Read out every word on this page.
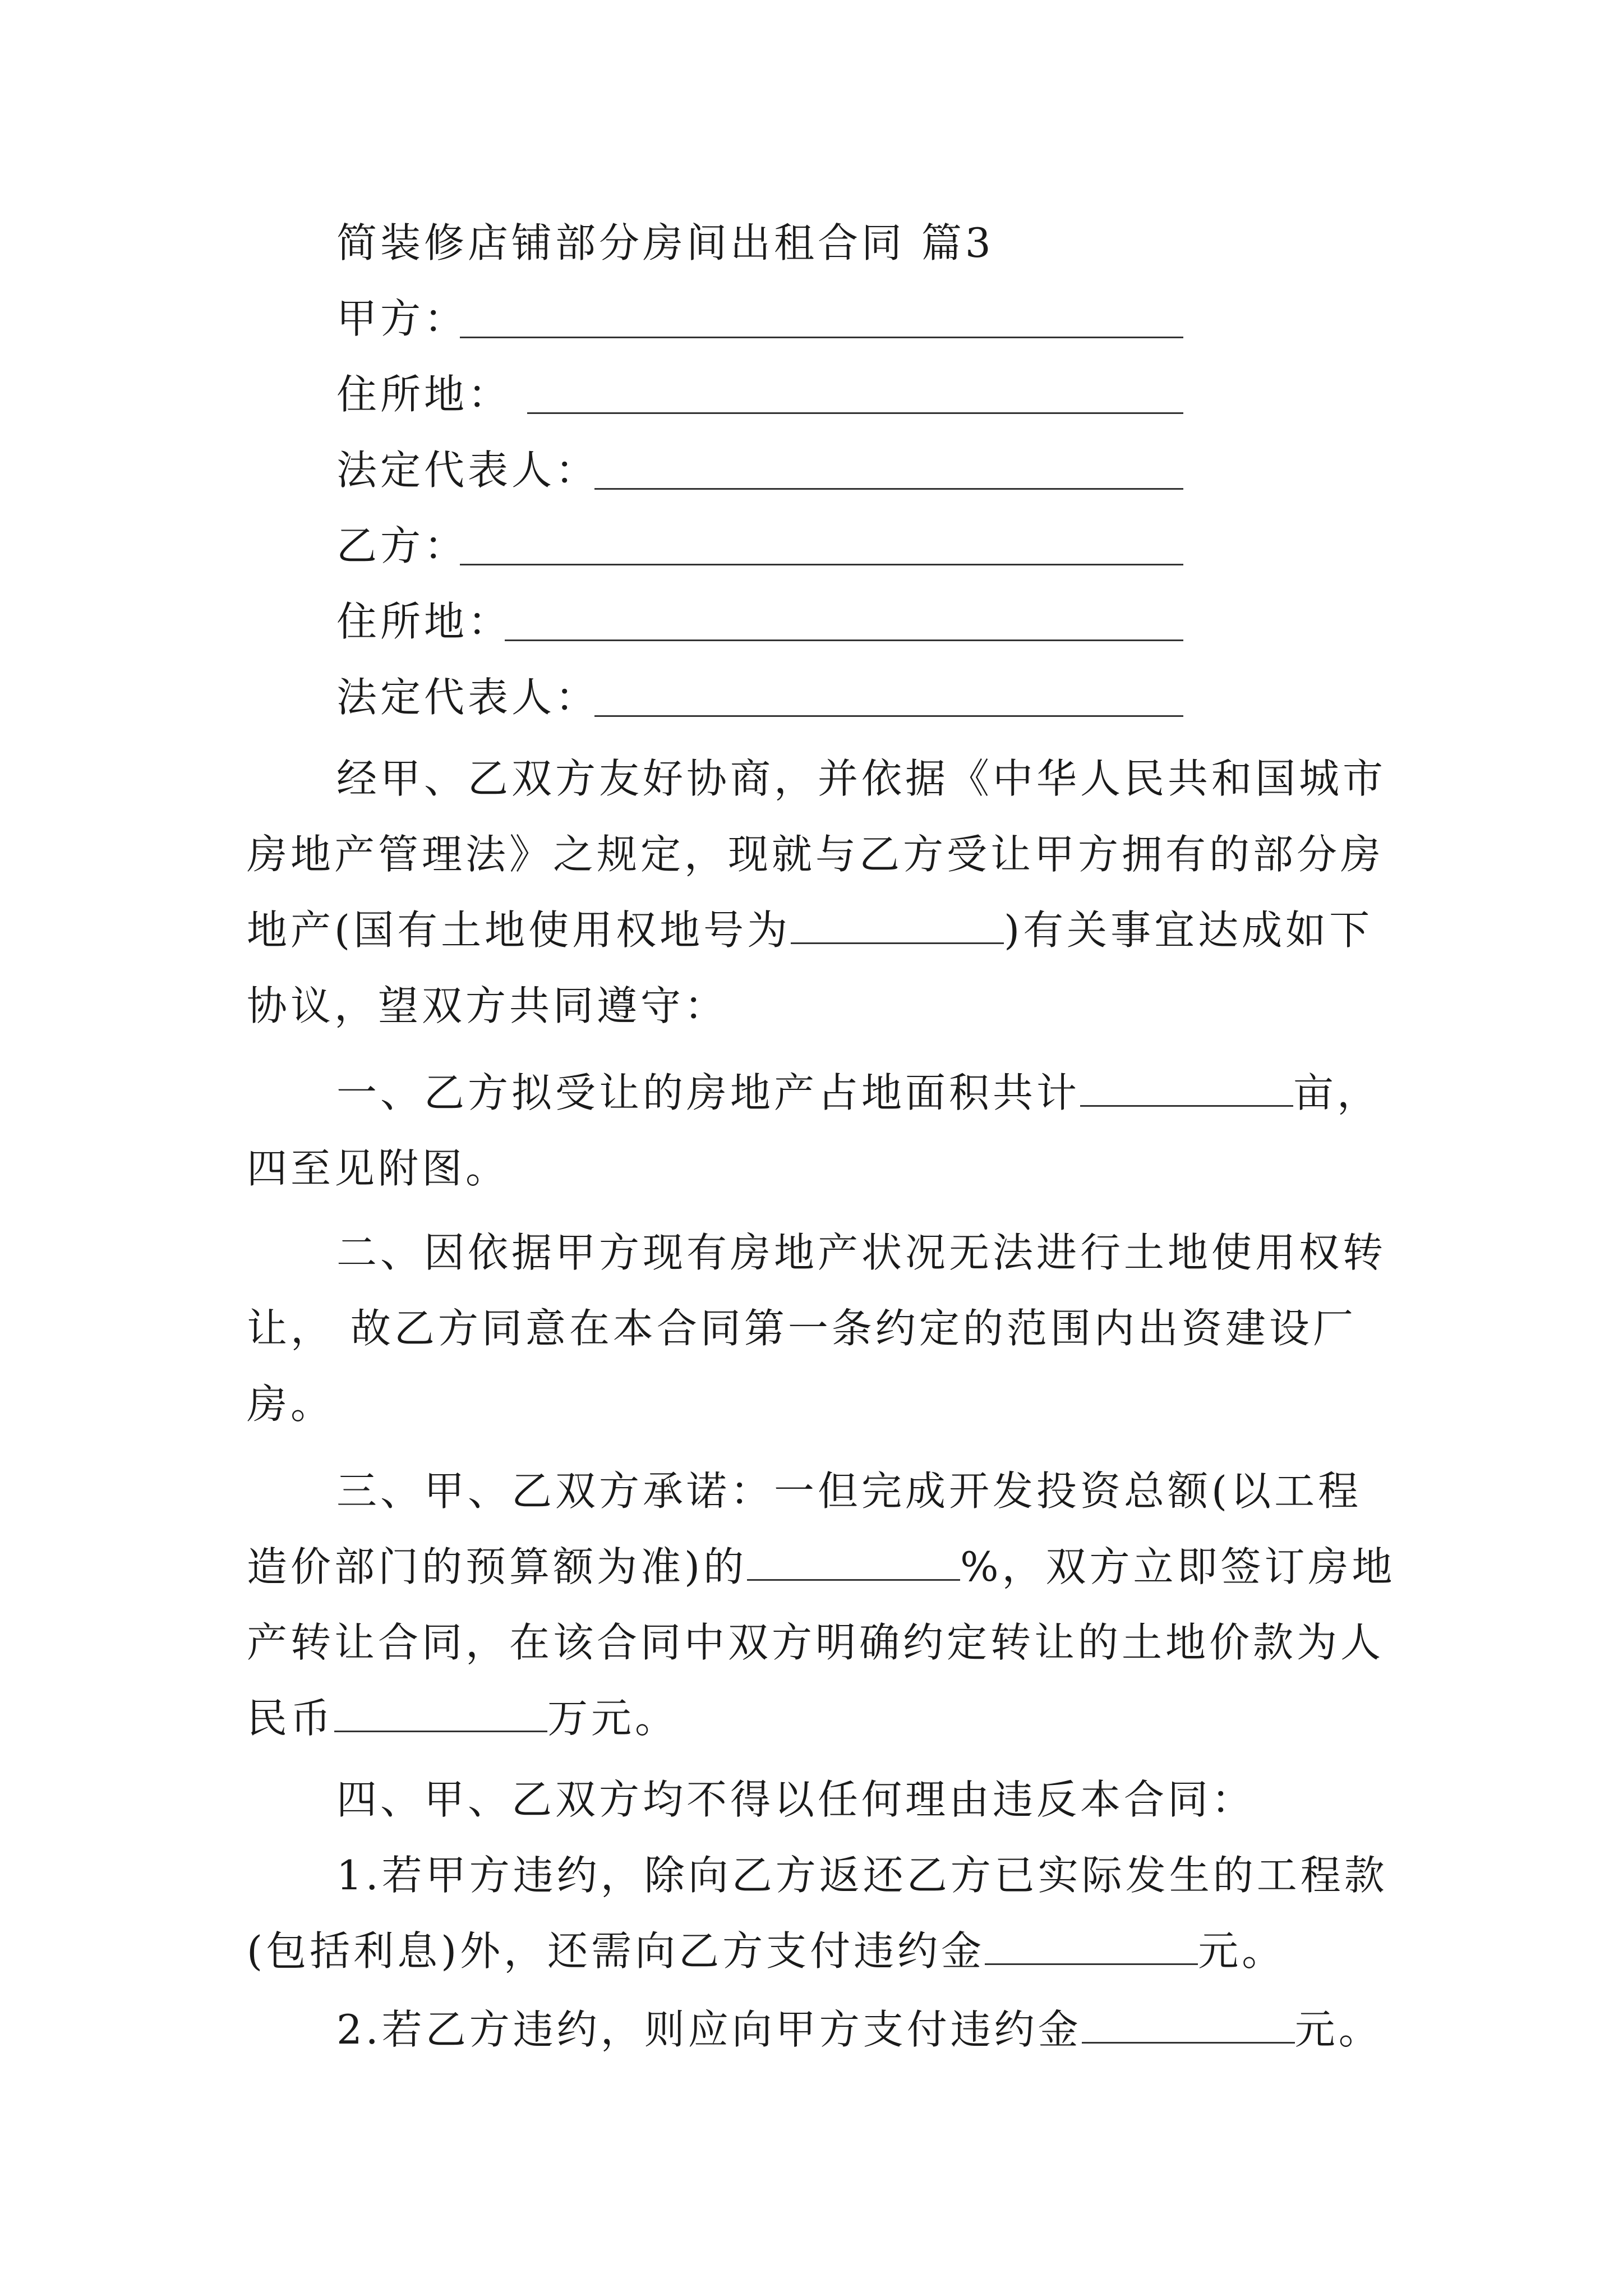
简装修店铺部分房间出租合同 篇3
甲方：
住所地：
法定代表人：
乙方：
住所地：
法定代表人：
经甲、乙双方友好协商，并依据《中华人民共和国城市
房地产管理法》之规定，现就与乙方受让甲方拥有的部分房
地产(国有土地使用权地号为	)有关事宜达成如下
协议，望双方共同遵守：
一、乙方拟受让的房地产占地面积共计	亩，
四至见附图。
二、因依据甲方现有房地产状况无法进行土地使用权转
让， 故乙方同意在本合同第一条约定的范围内出资建设厂
房。
三、甲、乙双方承诺：一但完成开发投资总额(以工程
造价部门的预算额为准)的	%，双方立即签订房地
产转让合同，在该合同中双方明确约定转让的土地价款为人
民币	万元。
四、甲、乙双方均不得以任何理由违反本合同：
1.若甲方违约，除向乙方返还乙方已实际发生的工程款
(包括利息)外，还需向乙方支付违约金	元。
2.若乙方违约，则应向甲方支付违约金	元。
